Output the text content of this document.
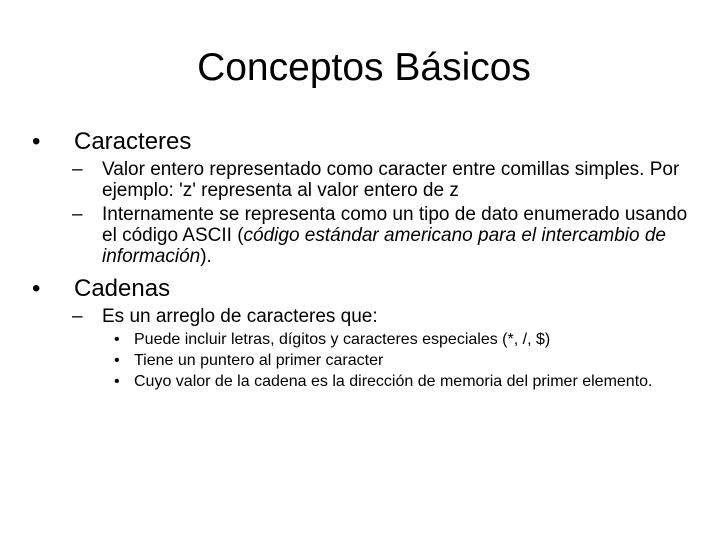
Conceptos Básicos
• Caracteres
– Valor entero representado como caracter entre comillas simples. Por ejemplo: 'z' representa al valor entero de z
– Internamente se representa como un tipo de dato enumerado usando el código ASCII (código estándar americano para el intercambio de información).
• Cadenas
– Es un arreglo de caracteres que:
• Puede incluir letras, dígitos y caracteres especiales (*, /, $)
• Tiene un puntero al primer caracter
• Cuyo valor de la cadena es la dirección de memoria del primer elemento.
